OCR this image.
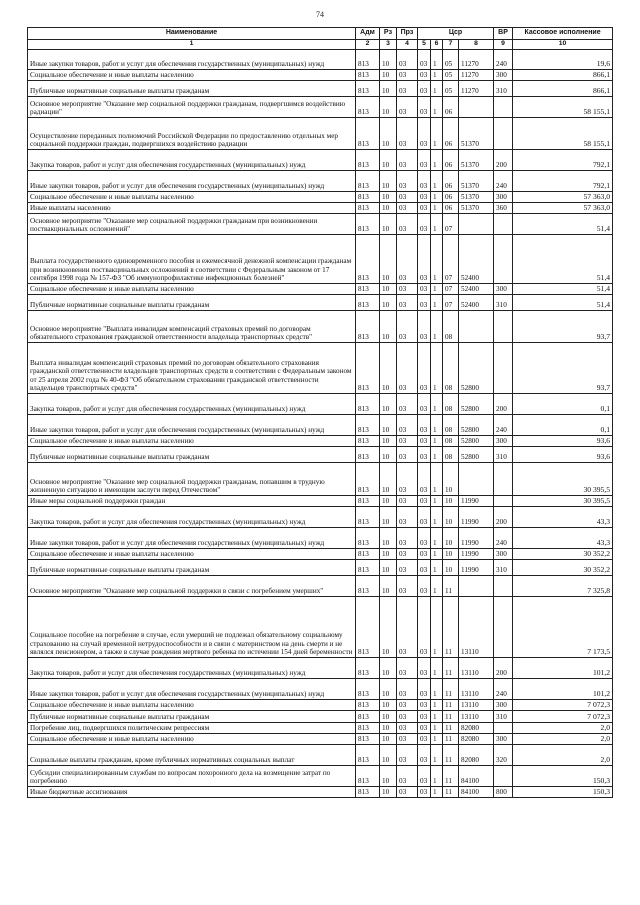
74
Наименование	Адм	Рз	Прз	Цср				ВР	Кассовое исполнение
1	2	3	4	5	6	7	8	9	10
Иные закупки товаров, работ и услуг для обеспечения государственных (муниципальных) нужд	813	10	03	03	1	05	11270	240	19,6
Социальное обеспечение и иные выплаты населению	813	10	03	03	1	05	11270	300	866,1
Публичные нормативные социальные выплаты гражданам	813	10	03	03	1	05	11270	310	866,1
Основное мероприятие "Оказание мер социальной поддержки гражданам, подвергшимся воздействию радиации"	813	10	03	03	1	06			58 155,1
Осуществление переданных полномочий Российской Федерации по предоставлению отдельных мер социальной поддержки граждан, подвергшихся воздействию радиации	813	10	03	03	1	06	51370		58 155,1
Закупка товаров, работ и услуг для обеспечения государственных (муниципальных) нужд	813	10	03	03	1	06	51370	200	792,1
Иные закупки товаров, работ и услуг для обеспечения государственных (муниципальных) нужд	813	10	03	03	1	06	51370	240	792,1
Социальное обеспечение и иные выплаты населению	813	10	03	03	1	06	51370	300	57 363,0
Иные выплаты населению	813	10	03	03	1	06	51370	360	57 363,0
Основное мероприятие "Оказание мер социальной поддержки гражданам при возникновении поствакцинальных осложнений"	813	10	03	03	1	07			51,4
Выплата государственного единовременного пособия и ежемесячной денежной компенсации гражданам при возникновении поствакцинальных осложнений в соответствии с Федеральным законом от 17 сентября 1998 года № 157-ФЗ "Об иммунопрофилактике инфекционных болезней"	813	10	03	03	1	07	52400		51,4
Социальное обеспечение и иные выплаты населению	813	10	03	03	1	07	52400	300	51,4
Публичные нормативные социальные выплаты гражданам	813	10	03	03	1	07	52400	310	51,4
Основное мероприятие "Выплата инвалидам компенсаций страховых премий по договорам обязательного страхования гражданской ответственности владельца транспортных средств"	813	10	03	03	1	08			93,7
Выплата инвалидам компенсаций страховых премий по договорам обязательного страхования гражданской ответственности владельцев транспортных средств в соответствии с Федеральным законом от 25 апреля 2002 года № 40-ФЗ "Об обязательном страховании гражданской ответственности владельцев транспортных средств"	813	10	03	03	1	08	52800		93,7
Закупка товаров, работ и услуг для обеспечения государственных (муниципальных) нужд	813	10	03	03	1	08	52800	200	0,1
Иные закупки товаров, работ и услуг для обеспечения государственных (муниципальных) нужд	813	10	03	03	1	08	52800	240	0,1
Социальное обеспечение и иные выплаты населению	813	10	03	03	1	08	52800	300	93,6
Публичные нормативные социальные выплаты гражданам	813	10	03	03	1	08	52800	310	93,6
Основное мероприятие "Оказание мер социальной поддержки гражданам, попавшим в трудную жизненную ситуацию и имеющим заслуги перед Отечеством"	813	10	03	03	1	10			30 395,5
Иные меры социальной поддержки граждан	813	10	03	03	1	10	11990		30 395,5
Закупка товаров, работ и услуг для обеспечения государственных (муниципальных) нужд	813	10	03	03	1	10	11990	200	43,3
Иные закупки товаров, работ и услуг для обеспечения государственных (муниципальных) нужд	813	10	03	03	1	10	11990	240	43,3
Социальное обеспечение и иные выплаты населению	813	10	03	03	1	10	11990	300	30 352,2
Публичные нормативные социальные выплаты гражданам	813	10	03	03	1	10	11990	310	30 352,2
Основное мероприятие "Оказание мер социальной поддержки в связи с погребением умерших"	813	10	03	03	1	11			7 325,8
Социальное пособие на погребение в случае, если умерший не подлежал обязательному социальному страхованию на случай временной нетрудоспособности и в связи с материнством на день смерти и не являлся пенсионером, а также в случае рождения мертвого ребенка по истечении 154 дней беременности	813	10	03	03	1	11	13110		7 173,5
Закупка товаров, работ и услуг для обеспечения государственных (муниципальных) нужд	813	10	03	03	1	11	13110	200	101,2
Иные закупки товаров, работ и услуг для обеспечения государственных (муниципальных) нужд	813	10	03	03	1	11	13110	240	101,2
Социальное обеспечение и иные выплаты населению	813	10	03	03	1	11	13110	300	7 072,3
Публичные нормативные социальные выплаты гражданам	813	10	03	03	1	11	13110	310	7 072,3
Погребение лиц, подвергшихся политическим репрессиям	813	10	03	03	1	11	82080		2,0
Социальное обеспечение и иные выплаты населению	813	10	03	03	1	11	82080	300	2,0
Социальные выплаты гражданам, кроме публичных нормативных социальных выплат	813	10	03	03	1	11	82080	320	2,0
Субсидии специализированным службам по вопросам похоронного дела на возмещение затрат по погребению	813	10	03	03	1	11	84100		150,3
Иные бюджетные ассигнования	813	10	03	03	1	11	84100	800	150,3
